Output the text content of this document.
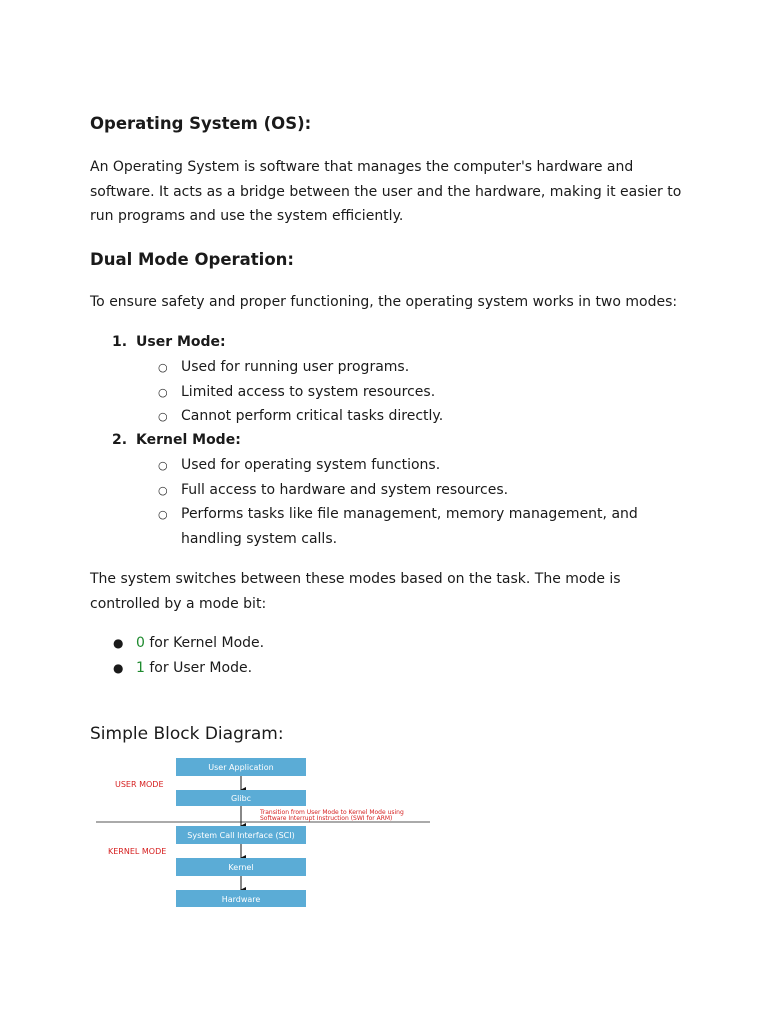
Operating System (OS):

An Operating System is software that manages the computer's hardware and
software. It acts as a bridge between the user and the hardware, making it easier to
run programs and use the system efficiently.

Dual Mode Operation:
To ensure safety and proper functioning, the operating system works in two modes:
1. User Mode:
○ Used for running user programs.
○ Limited access to system resources.
○ Cannot perform critical tasks directly.
2. Kernel Mode:
○ Used for operating system functions.
○ Full access to hardware and system resources.
○ Performs tasks like file management, memory management, and
handling system calls.

The system switches between these modes based on the task. The mode is
controlled by a mode bit:

● 0 for Kernel Mode.
● 1 for User Mode.
Simple Block Diagram:
USER MODE
KERNEL MODE
User Application
Glibc
Transition from User Mode to Kernel Mode using
Software Interrupt Instruction (SWI for ARM)
System Call Interface (SCI)
Kernel
Hardware
